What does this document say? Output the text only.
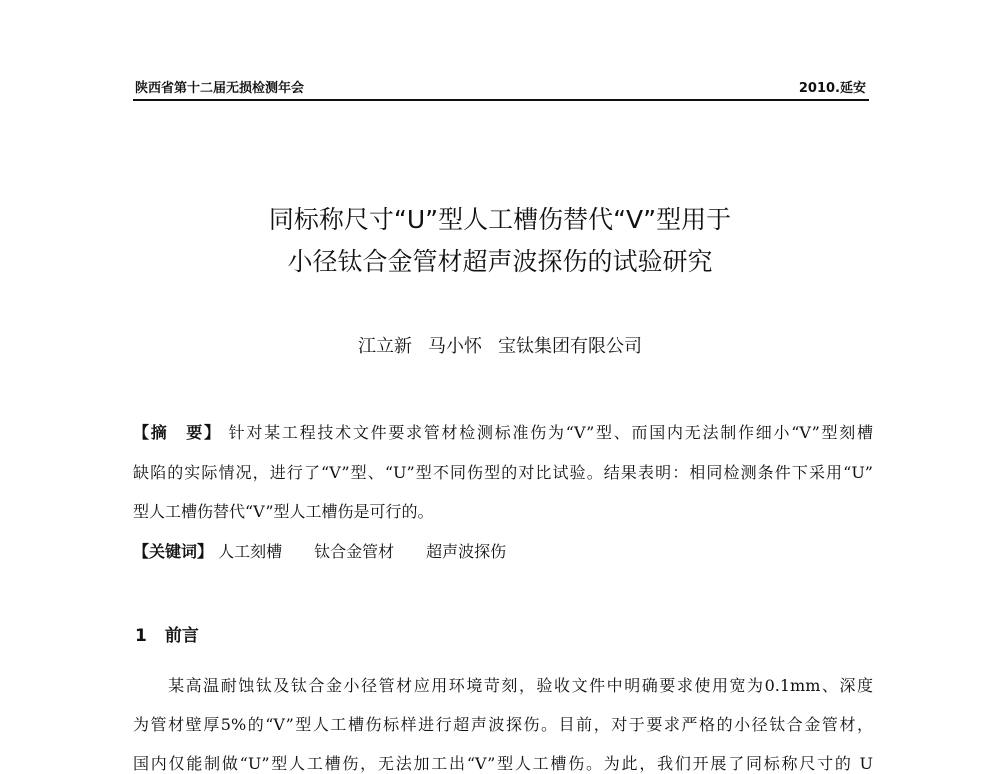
陕西省第十二届无损检测年会	2010.延安
同标称尺寸“U”型人工槽伤替代“V”型用于
小径钛合金管材超声波探伤的试验研究
江立新 马小怀 宝钛集团有限公司
【摘　要】 针对某工程技术文件要求管材检测标准伤为“V”型、而国内无法制作细小“V”型刻槽
缺陷的实际情况，进行了“V”型、“U”型不同伤型的对比试验。结果表明：相同检测条件下采用“U”
型人工槽伤替代“V”型人工槽伤是可行的。
【关键词】 人工刻槽　　 钛合金管材　　 超声波探伤
1 前言
　　某高温耐蚀钛及钛合金小径管材应用环境苛刻，验收文件中明确要求使用宽为0.1mm、深度
为管材壁厚5%的“V”型人工槽伤标样进行超声波探伤。目前，对于要求严格的小径钛合金管材，
国内仅能制做“U”型人工槽伤，无法加工出“V”型人工槽伤。为此，我们开展了同标称尺寸的 U
